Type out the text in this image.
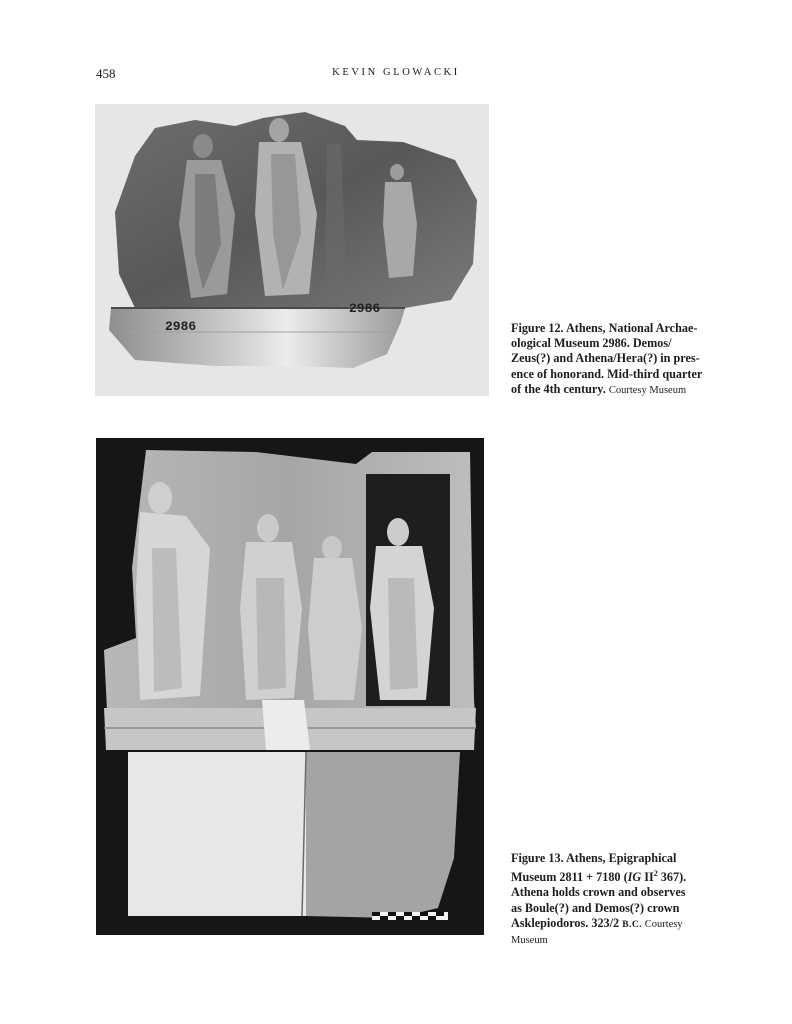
458	KEVIN GLOWACKI
2986
2986
Figure 12. Athens, National Archae-
ological Museum 2986. Demos/
Zeus(?) and Athena/Hera(?) in pres-
ence of honorand. Mid-third quarter
of the 4th century. Courtesy Museum
Figure 13. Athens, Epigraphical
Museum 2811 + 7180 (IG $II^2$ 367).
Athena holds crown and observes
as Boule(?) and Demos(?) crown
Asklepiodoros. 323/2 B.C. Courtesy
Museum
